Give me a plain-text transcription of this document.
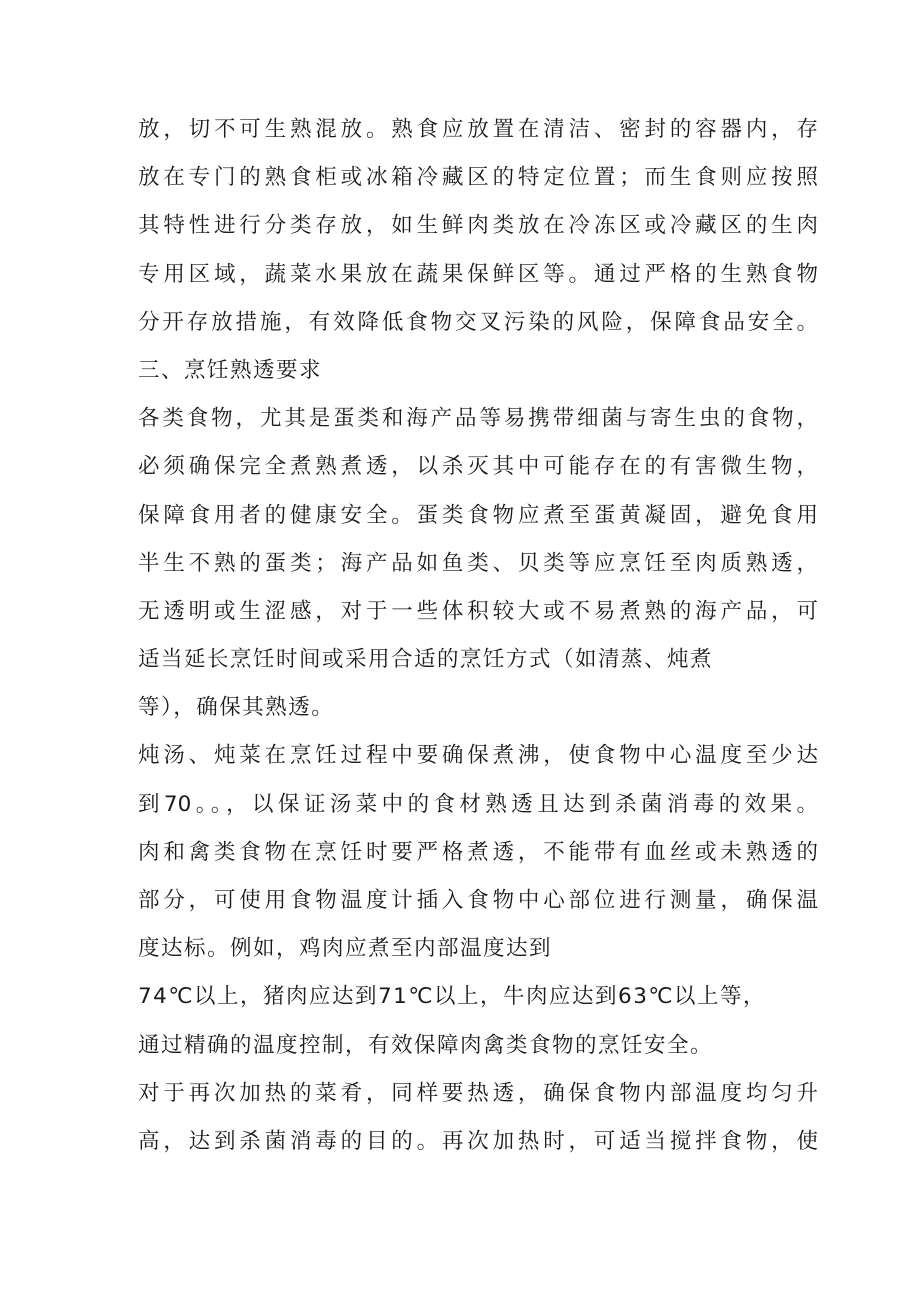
放，切不可生熟混放。熟食应放置在清洁、密封的容器内，存
放在专门的熟食柜或冰箱冷藏区的特定位置；而生食则应按照
其特性进行分类存放，如生鲜肉类放在冷冻区或冷藏区的生肉
专用区域，蔬菜水果放在蔬果保鲜区等。通过严格的生熟食物
分开存放措施，有效降低食物交叉污染的风险，保障食品安全。
三、烹饪熟透要求
各类食物，尤其是蛋类和海产品等易携带细菌与寄生虫的食物，
必须确保完全煮熟煮透，以杀灭其中可能存在的有害微生物，
保障食用者的健康安全。蛋类食物应煮至蛋黄凝固，避免食用
半生不熟的蛋类；海产品如鱼类、贝类等应烹饪至肉质熟透，
无透明或生涩感，对于一些体积较大或不易煮熟的海产品，可
适当延长烹饪时间或采用合适的烹饪方式（如清蒸、炖煮
等），确保其熟透。
炖汤、炖菜在烹饪过程中要确保煮沸，使食物中心温度至少达
到70。。，以保证汤菜中的食材熟透且达到杀菌消毒的效果。
肉和禽类食物在烹饪时要严格煮透，不能带有血丝或未熟透的
部分，可使用食物温度计插入食物中心部位进行测量，确保温
度达标。例如，鸡肉应煮至内部温度达到
74℃以上，猪肉应达到71℃以上，牛肉应达到63℃以上等，
通过精确的温度控制，有效保障肉禽类食物的烹饪安全。
对于再次加热的菜肴，同样要热透，确保食物内部温度均匀升
高，达到杀菌消毒的目的。再次加热时，可适当搅拌食物，使
